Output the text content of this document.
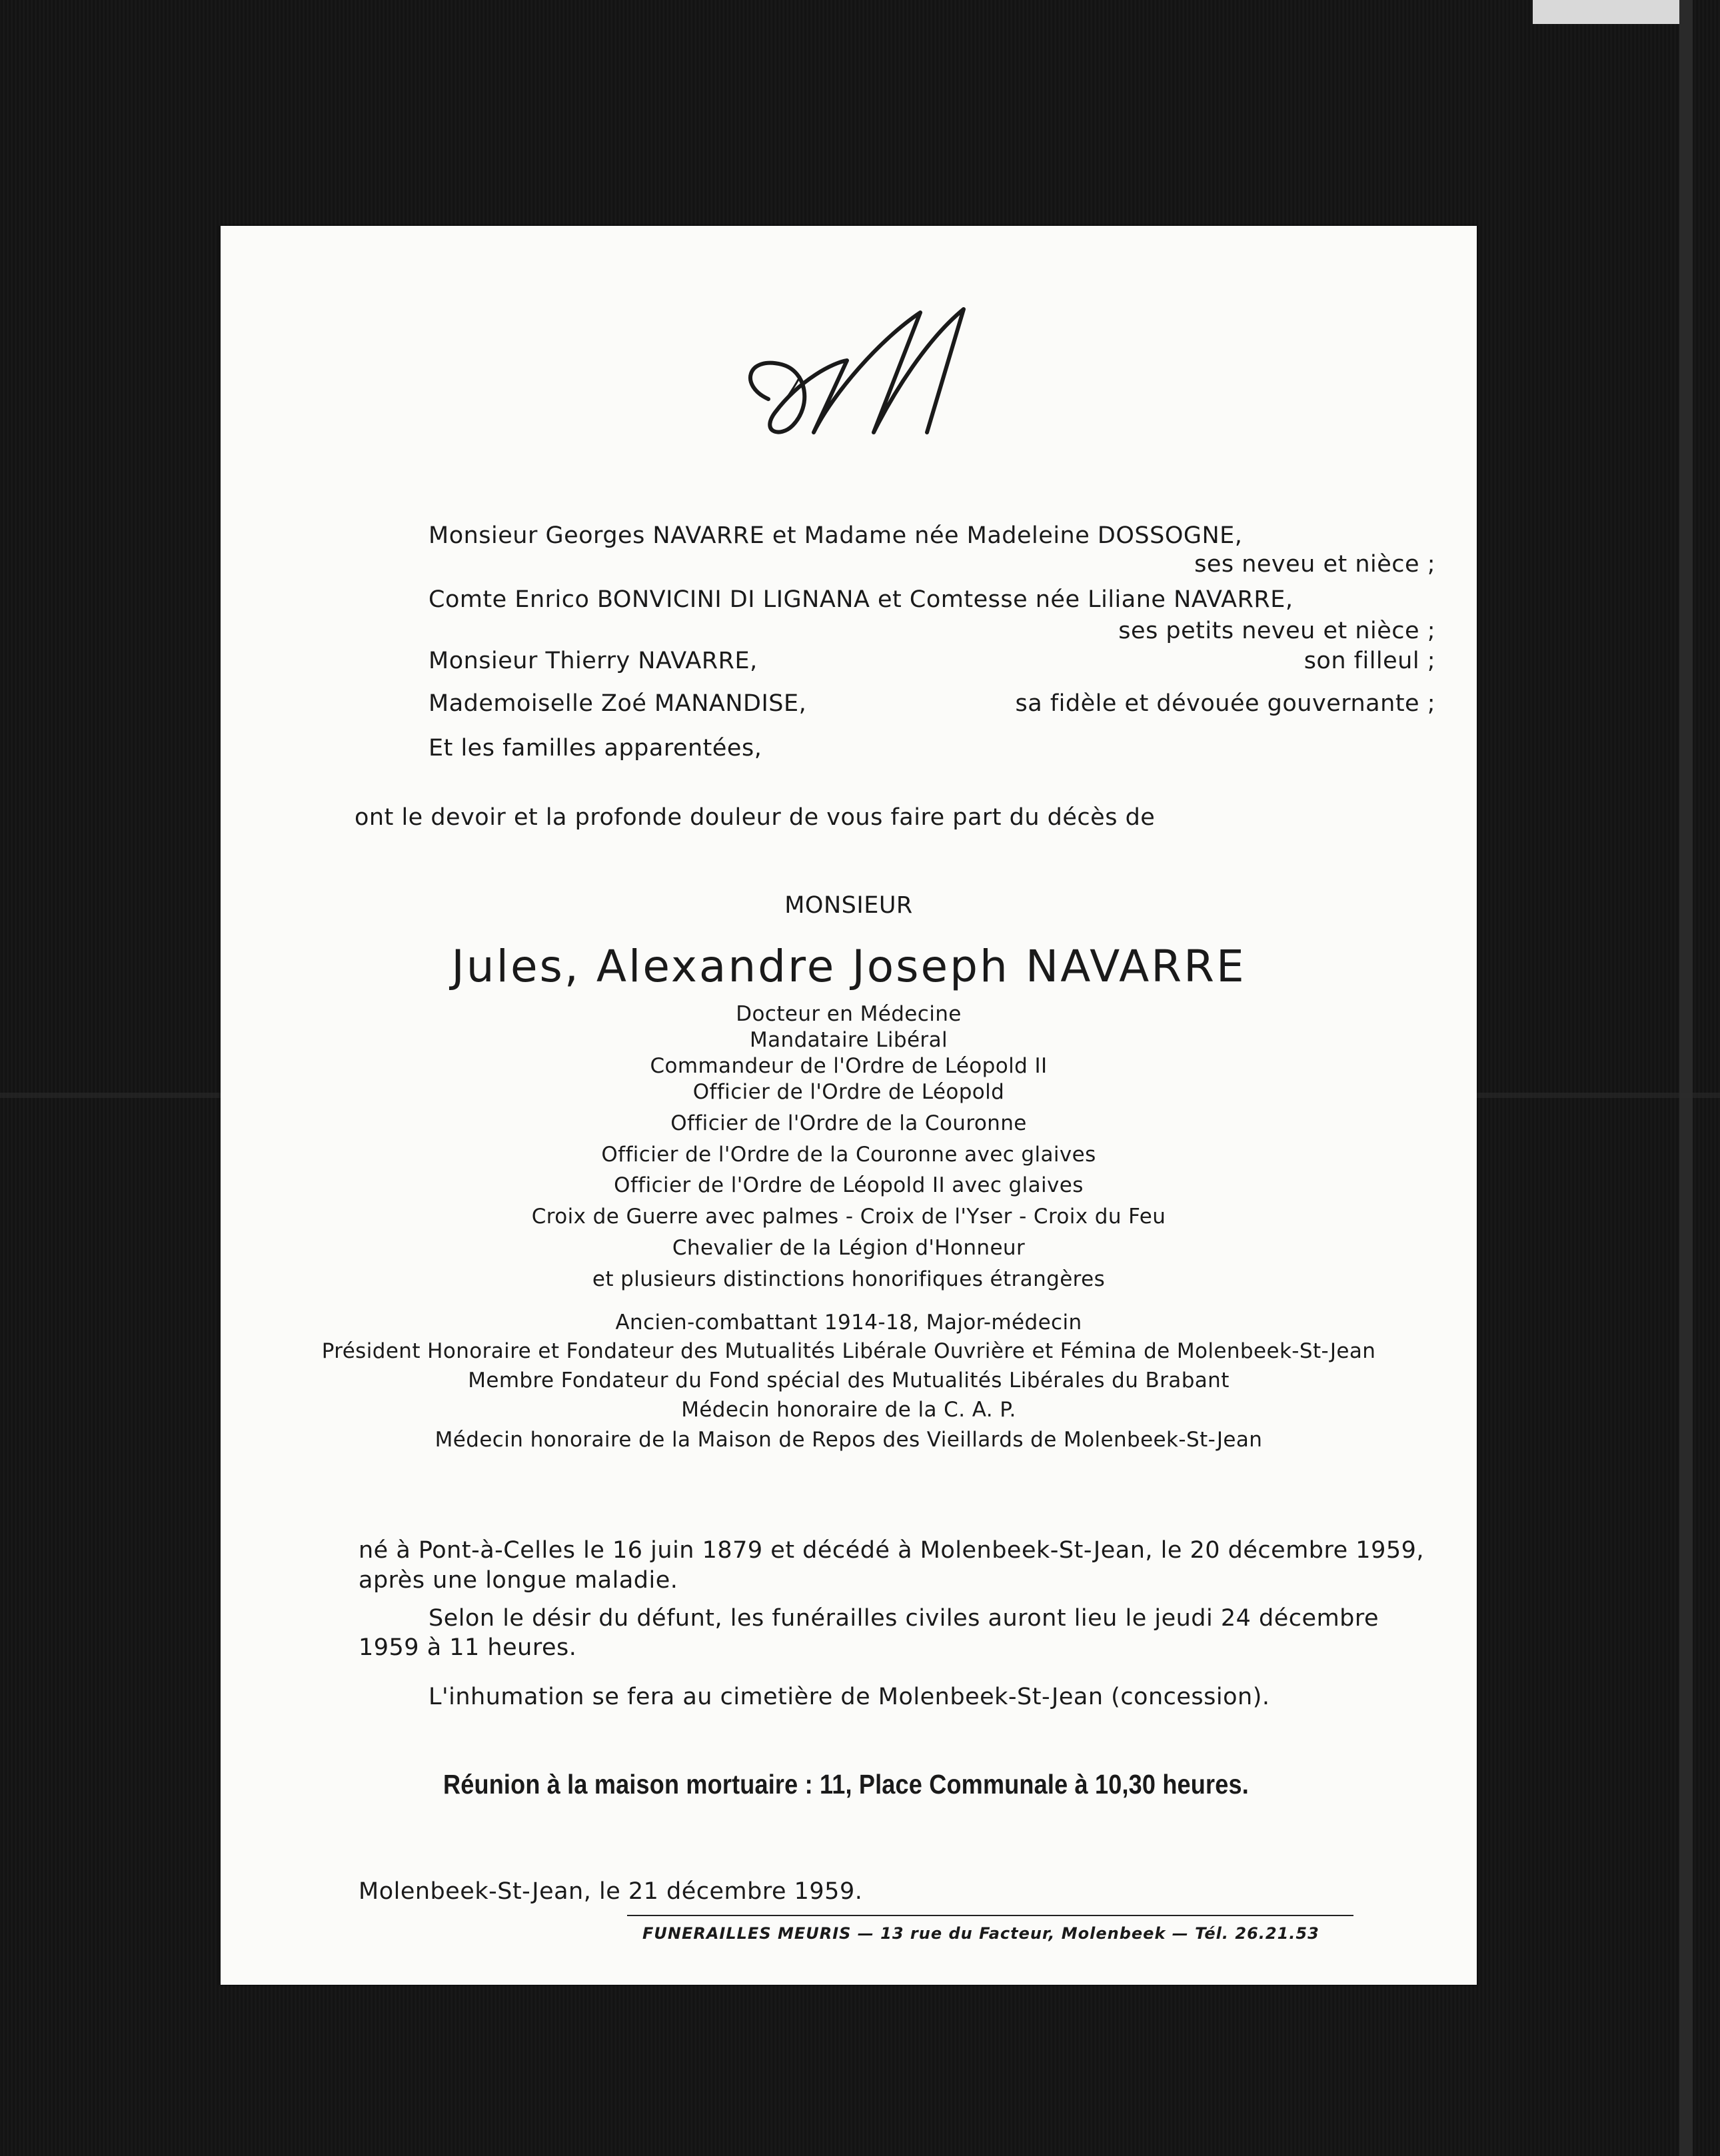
Monsieur Georges NAVARRE et Madame née Madeleine DOSSOGNE,
ses neveu et nièce ;
Comte Enrico BONVICINI DI LIGNANA et Comtesse née Liliane NAVARRE,
ses petits neveu et nièce ;
Monsieur Thierry NAVARRE,	son filleul ;
Mademoiselle Zoé MANANDISE,	sa fidèle et dévouée gouvernante ;
Et les familles apparentées,
ont le devoir et la profonde douleur de vous faire part du décès de
MONSIEUR
Jules, Alexandre Joseph NAVARRE
Docteur en Médecine
Mandataire Libéral
Commandeur de l'Ordre de Léopold II
Officier de l'Ordre de Léopold
Officier de l'Ordre de la Couronne
Officier de l'Ordre de la Couronne avec glaives
Officier de l'Ordre de Léopold II avec glaives
Croix de Guerre avec palmes - Croix de l'Yser - Croix du Feu
Chevalier de la Légion d'Honneur
et plusieurs distinctions honorifiques étrangères
Ancien-combattant 1914-18, Major-médecin
Président Honoraire et Fondateur des Mutualités Libérale Ouvrière et Fémina de Molenbeek-St-Jean
Membre Fondateur du Fond spécial des Mutualités Libérales du Brabant
Médecin honoraire de la C. A. P.
Médecin honoraire de la Maison de Repos des Vieillards de Molenbeek-St-Jean
né à Pont-à-Celles le 16 juin 1879 et décédé à Molenbeek-St-Jean, le 20 décembre 1959,
après une longue maladie.
Selon le désir du défunt, les funérailles civiles auront lieu le jeudi 24 décembre
1959 à 11 heures.
L'inhumation se fera au cimetière de Molenbeek-St-Jean (concession).
Réunion à la maison mortuaire : 11, Place Communale à 10,30 heures.
Molenbeek-St-Jean, le 21 décembre 1959.
FUNERAILLES MEURIS — 13 rue du Facteur, Molenbeek — Tél. 26.21.53
